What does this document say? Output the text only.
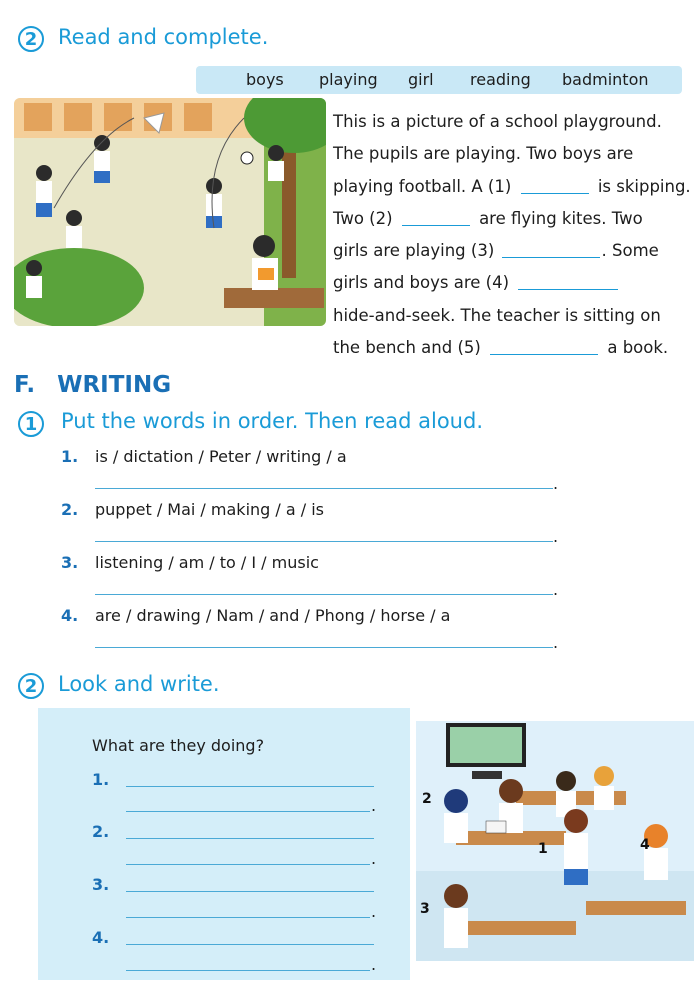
2 Read and complete.
boys playing girl reading badminton
This is a picture of a school playground.
The pupils are playing. Two boys are
playing football. A (1)	is skipping.
Two (2)	are flying kites. Two
girls are playing (3)	. Some
girls and boys are (4)
hide-and-seek. The teacher is sitting on
the bench and (5)	a book.
F. WRITING
1 Put the words in order. Then read aloud.
1. is / dictation / Peter / writing / a
.
2. puppet / Mai / making / a / is
.
3. listening / am / to / I / music
.
4. are / drawing / Nam / and / Phong / horse / a
.
2 Look and write.
What are they doing?
1.
.
2.
.
3.
.
4.
.
2
1
3
4
